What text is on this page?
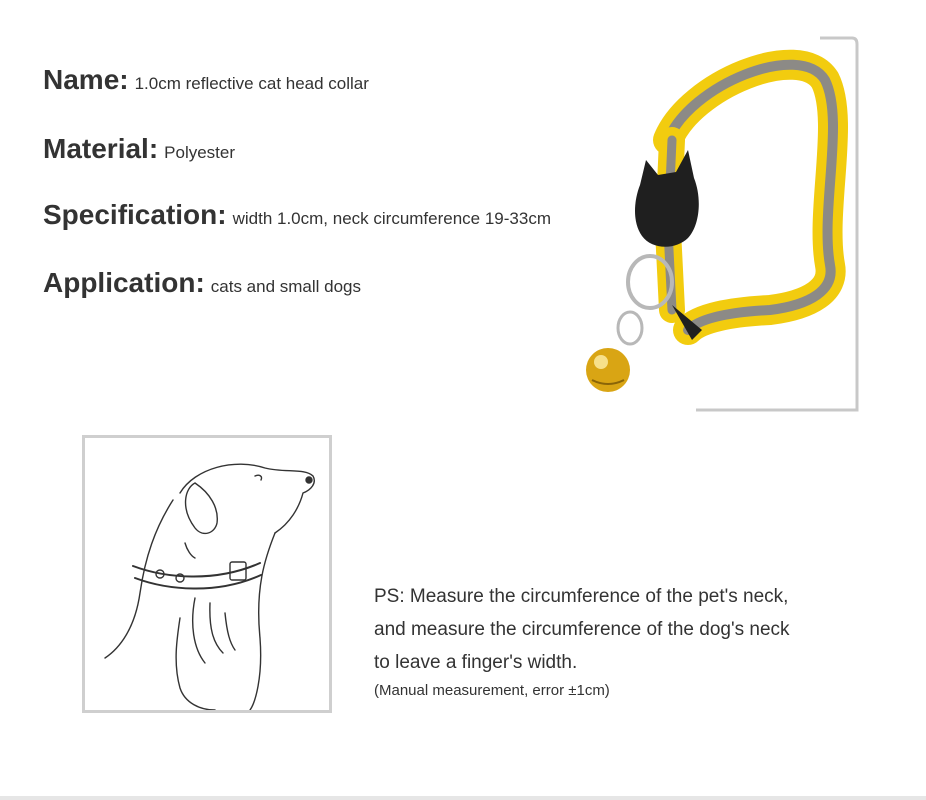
Name: 1.0cm reflective cat head collar
Material: Polyester
Specification: width 1.0cm, neck circumference 19-33cm
Application: cats and small dogs
PS: Measure the circumference of the pet's neck,
and measure the circumference of the dog's neck
to leave a finger's width.
(Manual measurement, error ±1cm)
